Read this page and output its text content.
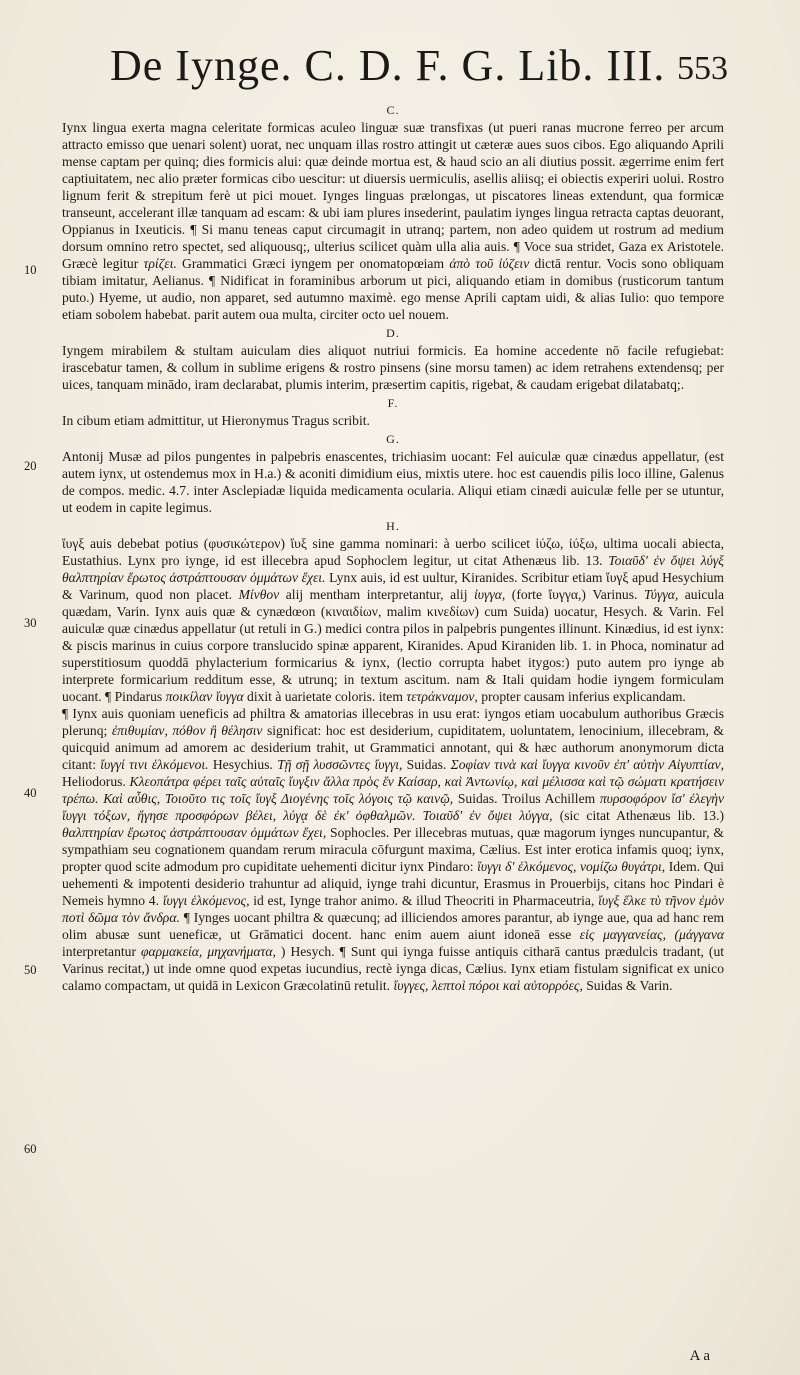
De Iynge. C. D. F. G. Lib. III. 553
10
20
30
40
50
60
C.

Iynx lingua exerta magna celeritate formicas aculeo linguæ suæ transfixas (ut pueri ranas mucrone ferreo per arcum attracto emisso que uenari solent) uorat, nec unquam illas rostro attingit ut cæteræ aues suos cibos. Ego aliquando Aprili mense captam per quinq; dies formicis alui: quæ deinde mortua est, & haud scio an ali diutius possit. ægerrime enim fert captiuitatem, nec alio præter formicas cibo uescitur: ut diuersis uermiculis, asellis aliisq; ei obiectis experiri uolui. Rostro lignum ferit & strepitum ferè ut pici mouet. Iynges linguas prælongas, ut piscatores lineas extendunt, qua formicæ transeunt, accelerant illæ tanquam ad escam: & ubi iam plures insederint, paulatim iynges lingua retracta captas deuorant, Oppianus in Ixeuticis. ¶ Si manu teneas caput circumagit in utranq; partem, non adeo quidem ut rostrum ad medium dorsum omnino retro spectet, sed aliquousq;, ulterius scilicet quàm ulla alia auis. ¶ Voce sua stridet, Gaza ex Aristotele. Græcè legitur τρίζει. Grammatici Græci iyngem per onomatopœiam ἀπὸ τοῦ ἰύζειν dictā rentur. Vocis sono obliquam tibiam imitatur, Aelianus. ¶ Nidificat in foraminibus arborum ut pici, aliquando etiam in domibus (rusticorum tantum puto.) Hyeme, ut audio, non apparet, sed autumno maximè. ego mense Aprili captam uidi, & alias Iulio: quo tempore etiam sobolem habebat. parit autem oua multa, circiter octo uel nouem.

D.

Iyngem mirabilem & stultam auiculam dies aliquot nutriui formicis. Ea homine accedente nō facile refugiebat: irascebatur tamen, & collum in sublime erigens & rostro pinsens (sine morsu tamen) ac idem retrahens extendensq; per uices, tanquam minādo, iram declarabat, plumis interim, præsertim capitis, rigebat, & caudam erigebat dilatabatq;.

F.

In cibum etiam admittitur, ut Hieronymus Tragus scribit.

G.

Antonij Musæ ad pilos pungentes in palpebris enascentes, trichiasim uocant: Fel auiculæ quæ cinædus appellatur, (est autem iynx, ut ostendemus mox in H.a.) & aconiti dimidium eius, mixtis utere. hoc est cauendis pilis loco illine, Galenus de compos. medic. 4.7. inter Asclepiadæ liquida medicamenta ocularia. Aliqui etiam cinædi auiculæ felle per se utuntur, ut eodem in capite legimus.

H.

ἴυγξ auis debebat potius (φυσικώτερον) ἴυξ sine gamma nominari: à uerbo scilicet ἰύζω, ἰύξω, ultima uocali abiecta, Eustathius. Lynx pro iynge, id est illecebra apud Sophoclem legitur, ut citat Athenæus lib. 13. Τοιαῦδ' ἐν ὄψει λύγξ θαλπτηρίαν ἔρωτος ἀστράπτουσαν ὀμμάτων ἔχει. Lynx auis, id est uultur, Kiranides. Scribitur etiam ἴυγξ apud Hesychium & Varinum, quod non placet. Μίνθον alij mentham interpretantur, alij ἰυγγα, (forte ἴυγγα,) Varinus. Τύγγα, auicula quædam, Varin. Iynx auis quæ & cynædœon (κιναιδίων, malim κινεδίων) cum Suida) uocatur, Hesych. & Varin. Fel auiculæ quæ cinædus appellatur (ut retuli in G.) medici contra pilos in palpebris pungentes illinunt. Kinædius, id est iynx: & piscis marinus in cuius corpore translucido spinæ apparent, Kiranides. Apud Kiraniden lib. 1. in Phoca, nominatur ad superstitiosum quoddā phylacterium formicarius & iynx, (lectio corrupta habet itygos:) puto autem pro iynge ab interprete formicarium redditum esse, & utrunq; in textum ascitum. nam & Itali quidam hodie iyngem formiculam uocant. ¶ Pindarus ποικίλαν ἴυγγα dixit à uarietate coloris. item τετράκναμον, propter causam inferius explicandam.

¶ Iynx auis quoniam ueneficis ad philtra & amatorias illecebras in usu erat: iyngos etiam uocabulum authoribus Græcis plerunq; ἐπιθυμίαν, πόθον ἢ θέλησιν significat: hoc est desiderium, cupiditatem, uoluntatem, lenocinium, illecebram, & quicquid animum ad amorem ac desiderium trahit, ut Grammatici annotant, qui & hæc authorum anonymorum dicta citant: ἴυγγί τινι ἑλκόμενοι. Hesychius. Τῇ σῇ λυσσῶντες ἴυγγι, Suidas. Σοφίαν τινὰ καὶ ἴυγγα κινοῦν ἐπ' αὐτὴν Αἰγυπτίαν, Heliodorus. Κλεοπάτρα φέρει ταῖς αὐταῖς ἴυγξιν ἄλλα πρὸς ἕν Καίσαρ, καὶ Ἀντωνίῳ, καὶ μέλισσα καὶ τῷ σώματι κρατήσειν τρέπω. Καὶ αὖθις, Τοιοῦτο τις τοῖς ἴυγξ Διογένης τοῖς λόγοις τῷ καινῷ, Suidas. Troilus Achillem πυρσοφόρον ἴσ' ἐλεγὴν ἴυγγι τόξων, ἥγησε προσφόρων βέλει, λύγᾳ δὲ ἐκ' ὀφθαλμῶν. Τοιαῦδ' ἐν ὄψει λύγγα, (sic citat Athenæus lib. 13.) θαλπτηρίαν ἔρωτος ἀστράπτουσαν ὀμμάτων ἔχει, Sophocles. Per illecebras mutuas, quæ magorum iynges nuncupantur, & sympathiam seu cognationem quandam rerum miracula cōfurgunt maxima, Cælius. Est inter erotica infamis quoq; iynx, propter quod scite admodum pro cupiditate uehementi dicitur iynx Pindaro: ἴυγγι δ' ἑλκόμενος, νομίζω θυγάτρι, Idem. Qui uehementi & impotenti desiderio trahuntur ad aliquid, iynge trahi dicuntur, Erasmus in Prouerbijs, citans hoc Pindari è Nemeis hymno 4. ἴυγγι ἑλκόμενος, id est, Iynge trahor animo. & illud Theocriti in Pharmaceutria, ἴυγξ ἕλκε τὺ τῆνον ἐμὸν ποτὶ δῶμα τὸν ἄνδρα. ¶ Iynges uocant philtra & quæcunq; ad illiciendos amores parantur, ab iynge aue, qua ad hanc rem olim abusæ sunt ueneficæ, ut Grāmatici docent. hanc enim auem aiunt idoneā esse εἰς μαγγανείας, (μάγγανα interpretantur φαρμακεία, μηχανήματα, ) Hesych. ¶ Sunt qui iynga fuisse antiquis citharā cantus prædulcis tradant, (ut Varinus recitat,) ut inde omne quod expetas iucundius, rectè iynga dicas, Cælius. Iynx etiam fistulam significat ex unico calamo compactam, ut quidā in Lexicon Græcolatinū retulit. ἴυγγες, λεπτοὶ πόροι καὶ αὐτορρόες, Suidas & Varin.

A a
